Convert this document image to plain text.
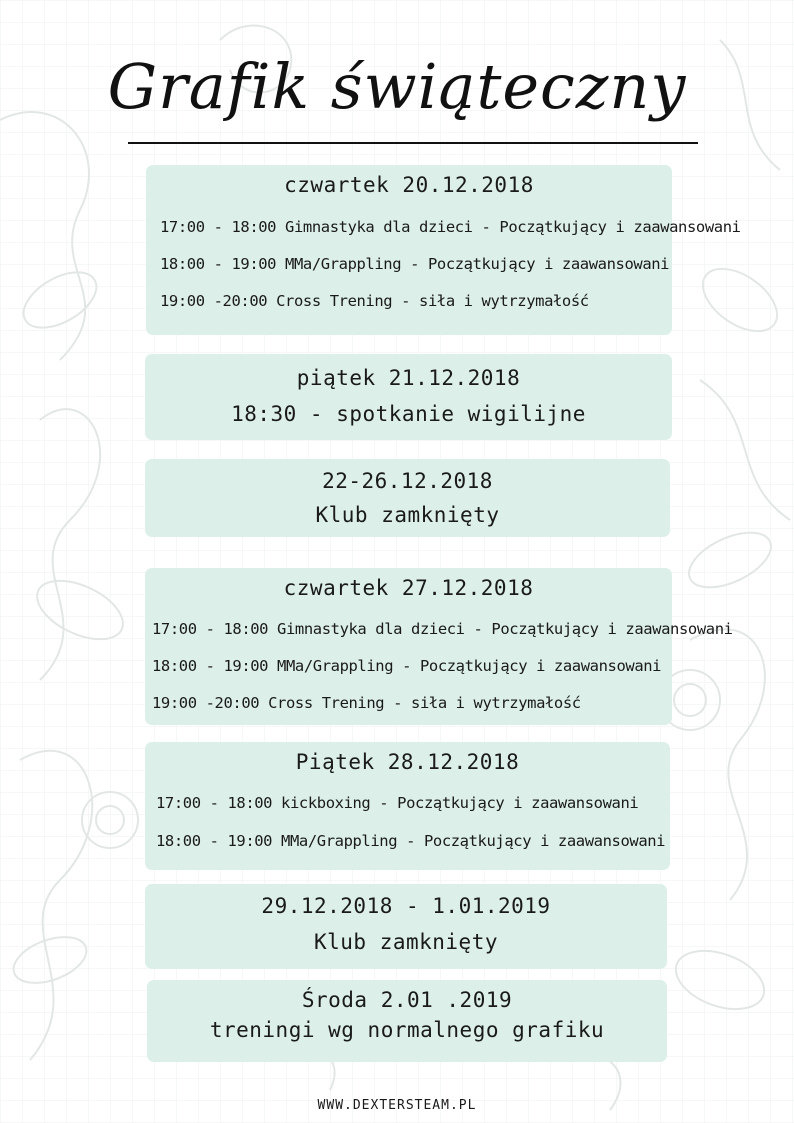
Grafik świąteczny
czwartek 20.12.2018
17:00 - 18:00 Gimnastyka dla dzieci - Początkujący i zaawansowani
18:00 - 19:00 MMa/Grappling - Początkujący i zaawansowani
19:00 -20:00 Cross Trening - siła i wytrzymałość
piątek 21.12.2018
18:30 - spotkanie wigilijne
22-26.12.2018
Klub zamknięty
czwartek 27.12.2018
17:00 - 18:00 Gimnastyka dla dzieci - Początkujący i zaawansowani
18:00 - 19:00 MMa/Grappling - Początkujący i zaawansowani
19:00 -20:00 Cross Trening - siła i wytrzymałość
Piątek 28.12.2018
17:00 - 18:00 kickboxing - Początkujący i zaawansowani
18:00 - 19:00 MMa/Grappling - Początkujący i zaawansowani
29.12.2018 - 1.01.2019
Klub zamknięty
Środa 2.01 .2019
treningi wg normalnego grafiku
WWW.DEXTERSTEAM.PL
